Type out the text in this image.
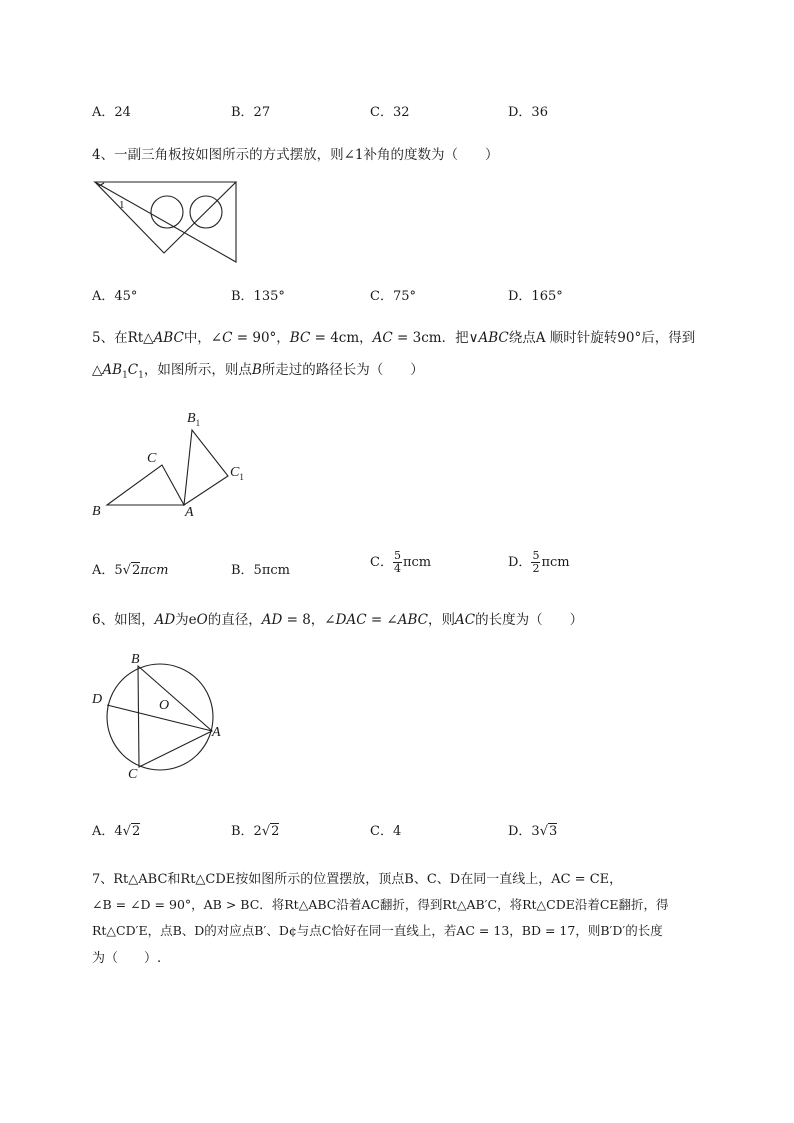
A．24	B．27	C．32	D．36
4、一副三角板按如图所示的方式摆放，则∠1补角的度数为（　　）
1
A．45°	B．135°	C．75°	D．165°
5、在Rt△ABC中，∠C = 90°，BC = 4cm，AC = 3cm．把∨ABC绕点A 顺时针旋转90°后，得到
$\triangle AB_1C_1$，如图所示，则点B所走过的路径长为（　　）
B
C
A
$B_1$
$C_1$
A．5√2πcm	B．5πcm
C． $\frac{5}{4}$ πcm	D． $\frac{5}{2}$ πcm
6、如图，AD为eO的直径，AD = 8，∠DAC = ∠ABC，则AC的长度为（　　）
B
D	O
A
C
A．4√2	B．2√2	C．4	D．3√3
7、Rt△ABC和Rt△CDE按如图所示的位置摆放，顶点B、C、D在同一直线上，AC = CE，
∠B = ∠D = 90°，AB > BC．将Rt△ABC沿着AC翻折，得到Rt△AB′C，将Rt△CDE沿着CE翻折，得
Rt△CD′E，点B、D的对应点B′、D¢与点C恰好在同一直线上，若AC = 13，BD = 17，则B′D′的长度
为（　　）.
